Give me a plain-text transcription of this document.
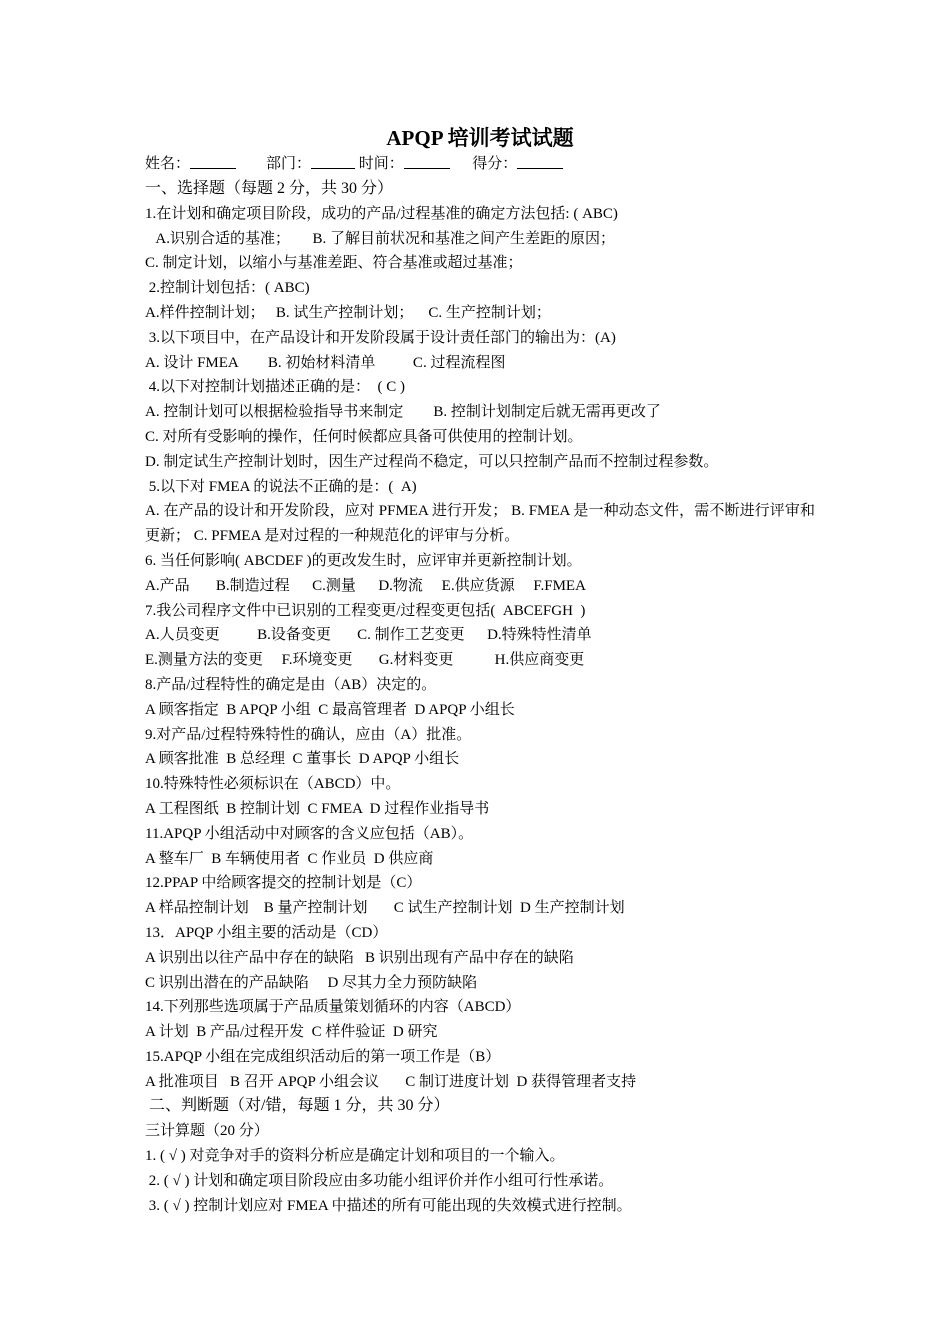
APQP 培训考试试题
姓名：	部门：	时间：	得分：
一、选择题（每题 2 分，共 30 分）
1.在计划和确定项目阶段，成功的产品/过程基准的确定方法包括: ( ABC)
A.识别合适的基准；      B. 了解目前状况和基准之间产生差距的原因；
C. 制定计划，以缩小与基准差距、符合基准或超过基准；
2.控制计划包括：( ABC)
A.样件控制计划；   B. 试生产控制计划；    C. 生产控制计划；
3.以下项目中，在产品设计和开发阶段属于设计责任部门的输出为：(A)
A. 设计 FMEA        B. 初始材料清单          C. 过程流程图
4.以下对控制计划描述正确的是：  ( C )
A. 控制计划可以根据检验指导书来制定        B. 控制计划制定后就无需再更改了
C. 对所有受影响的操作，任何时候都应具备可供使用的控制计划。
D. 制定试生产控制计划时，因生产过程尚不稳定，可以只控制产品而不控制过程参数。
5.以下对 FMEA 的说法不正确的是：(  A)
A. 在产品的设计和开发阶段，应对 PFMEA 进行开发； B. FMEA 是一种动态文件，需不断进行评审和更新； C. PFMEA 是对过程的一种规范化的评审与分析。
6. 当任何影响( ABCDEF )的更改发生时，应评审并更新控制计划。
A.产品       B.制造过程      C.测量      D.物流     E.供应货源     F.FMEA
7.我公司程序文件中已识别的工程变更/过程变更包括(  ABCEFGH  )
A.人员变更          B.设备变更       C. 制作工艺变更      D.特殊特性清单
E.测量方法的变更     F.环境变更       G.材料变更           H.供应商变更
8.产品/过程特性的确定是由（AB）决定的。
A 顾客指定  B APQP 小组  C 最高管理者  D APQP 小组长
9.对产品/过程特殊特性的确认，应由（A）批准。
A 顾客批准  B 总经理  C 董事长  D APQP 小组长
10.特殊特性必须标识在（ABCD）中。
A 工程图纸  B 控制计划  C FMEA  D 过程作业指导书
11.APQP 小组活动中对顾客的含义应包括（AB）。
A 整车厂  B 车辆使用者  C 作业员  D 供应商
12.PPAP 中给顾客提交的控制计划是（C）
A 样品控制计划    B 量产控制计划       C 试生产控制计划  D 生产控制计划
13．APQP 小组主要的活动是（CD）
A 识别出以往产品中存在的缺陷   B 识别出现有产品中存在的缺陷
C 识别出潜在的产品缺陷     D 尽其力全力预防缺陷
14.下列那些选项属于产品质量策划循环的内容（ABCD）
A 计划  B 产品/过程开发  C 样件验证  D 研究
15.APQP 小组在完成组织活动后的第一项工作是（B）
A 批准项目   B 召开 APQP 小组会议       C 制订进度计划  D 获得管理者支持
二、判断题（对/错，每题 1 分，共 30 分）
三计算题（20 分）
1. ( √ ) 对竞争对手的资料分析应是确定计划和项目的一个输入。
2. ( √ ) 计划和确定项目阶段应由多功能小组评价并作小组可行性承诺。
3. ( √ ) 控制计划应对 FMEA 中描述的所有可能出现的失效模式进行控制。
